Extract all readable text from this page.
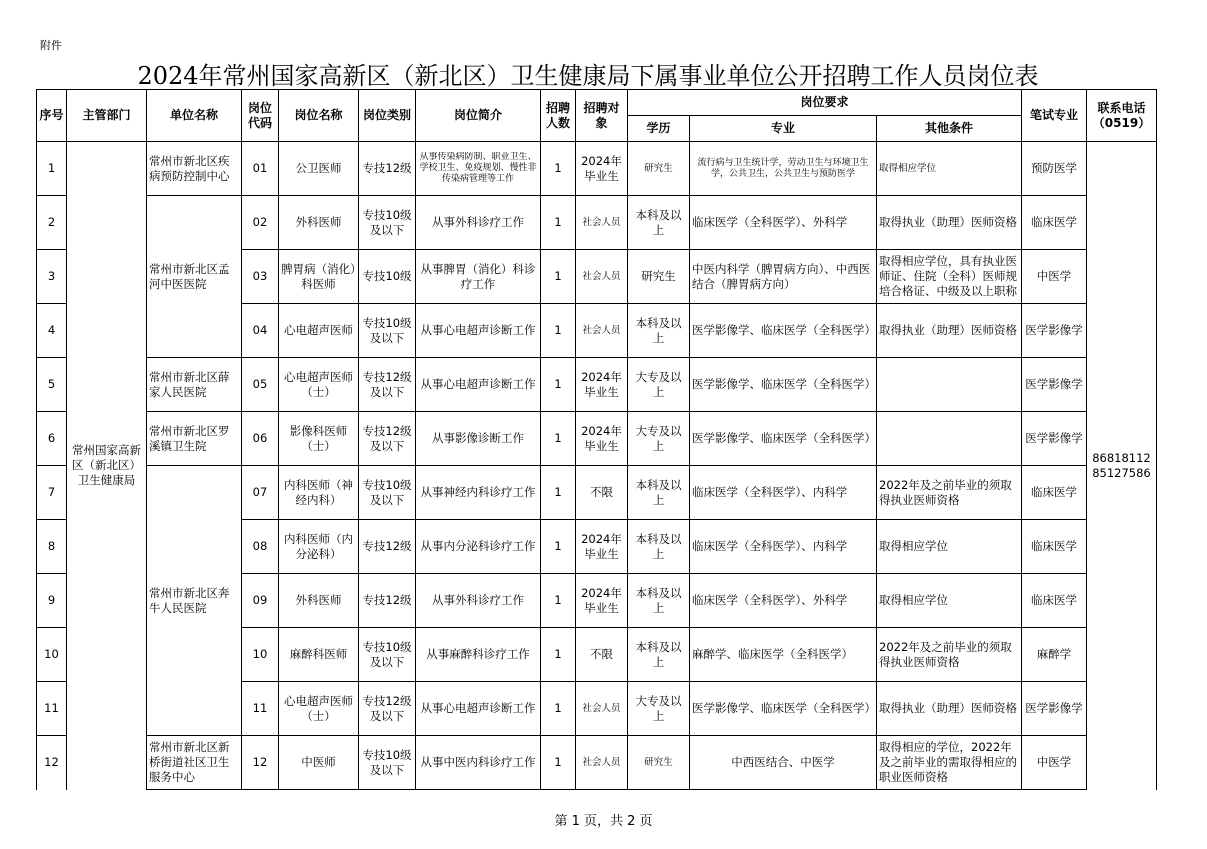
附件
2024年常州国家高新区（新北区）卫生健康局下属事业单位公开招聘工作人员岗位表
序号	主管部门	单位名称	岗位代码	岗位名称	岗位类别	岗位简介	招聘人数	招聘对象	岗位要求			笔试专业	联系电话（0519）
									学历	专业	其他条件		
1	常州国家高新区（新北区）卫生健康局	常州市新北区疾病预防控制中心	01	公卫医师	专技12级	从事传染病防制、职业卫生、学校卫生、免疫规划、慢性非传染病管理等工作	1	2024年毕业生	研究生	流行病与卫生统计学，劳动卫生与环境卫生学，公共卫生，公共卫生与预防医学	取得相应学位	预防医学	86818112 85127586
2		常州市新北区孟河中医医院	02	外科医师	专技10级及以下	从事外科诊疗工作	1	社会人员	本科及以上	临床医学（全科医学）、外科学	取得执业（助理）医师资格	临床医学	
3			03	脾胃病（消化）科医师	专技10级	从事脾胃（消化）科诊疗工作	1	社会人员	研究生	中医内科学（脾胃病方向）、中西医结合（脾胃病方向）	取得相应学位，具有执业医师证、住院（全科）医师规培合格证、中级及以上职称	中医学	
4			04	心电超声医师	专技10级及以下	从事心电超声诊断工作	1	社会人员	本科及以上	医学影像学、临床医学（全科医学）	取得执业（助理）医师资格	医学影像学	
5		常州市新北区薛家人民医院	05	心电超声医师（士）	专技12级及以下	从事心电超声诊断工作	1	2024年毕业生	大专及以上	医学影像学、临床医学（全科医学）		医学影像学	
6		常州市新北区罗溪镇卫生院	06	影像科医师（士）	专技12级及以下	从事影像诊断工作	1	2024年毕业生	大专及以上	医学影像学、临床医学（全科医学）		医学影像学	
7		常州市新北区奔牛人民医院	07	内科医师（神经内科）	专技10级及以下	从事神经内科诊疗工作	1	不限	本科及以上	临床医学（全科医学）、内科学	2022年及之前毕业的须取得执业医师资格	临床医学	
8			08	内科医师（内分泌科）	专技12级	从事内分泌科诊疗工作	1	2024年毕业生	本科及以上	临床医学（全科医学）、内科学	取得相应学位	临床医学	
9			09	外科医师	专技12级	从事外科诊疗工作	1	2024年毕业生	本科及以上	临床医学（全科医学）、外科学	取得相应学位	临床医学	
10			10	麻醉科医师	专技10级及以下	从事麻醉科诊疗工作	1	不限	本科及以上	麻醉学、临床医学（全科医学）	2022年及之前毕业的须取得执业医师资格	麻醉学	
11			11	心电超声医师（士）	专技12级及以下	从事心电超声诊断工作	1	社会人员	大专及以上	医学影像学、临床医学（全科医学）	取得执业（助理）医师资格	医学影像学	
12		常州市新北区新桥街道社区卫生服务中心	12	中医师	专技10级及以下	从事中医内科诊疗工作	1	社会人员	研究生	中西医结合、中医学	取得相应的学位，2022年及之前毕业的需取得相应的职业医师资格	中医学	
第 1 页，共 2 页
